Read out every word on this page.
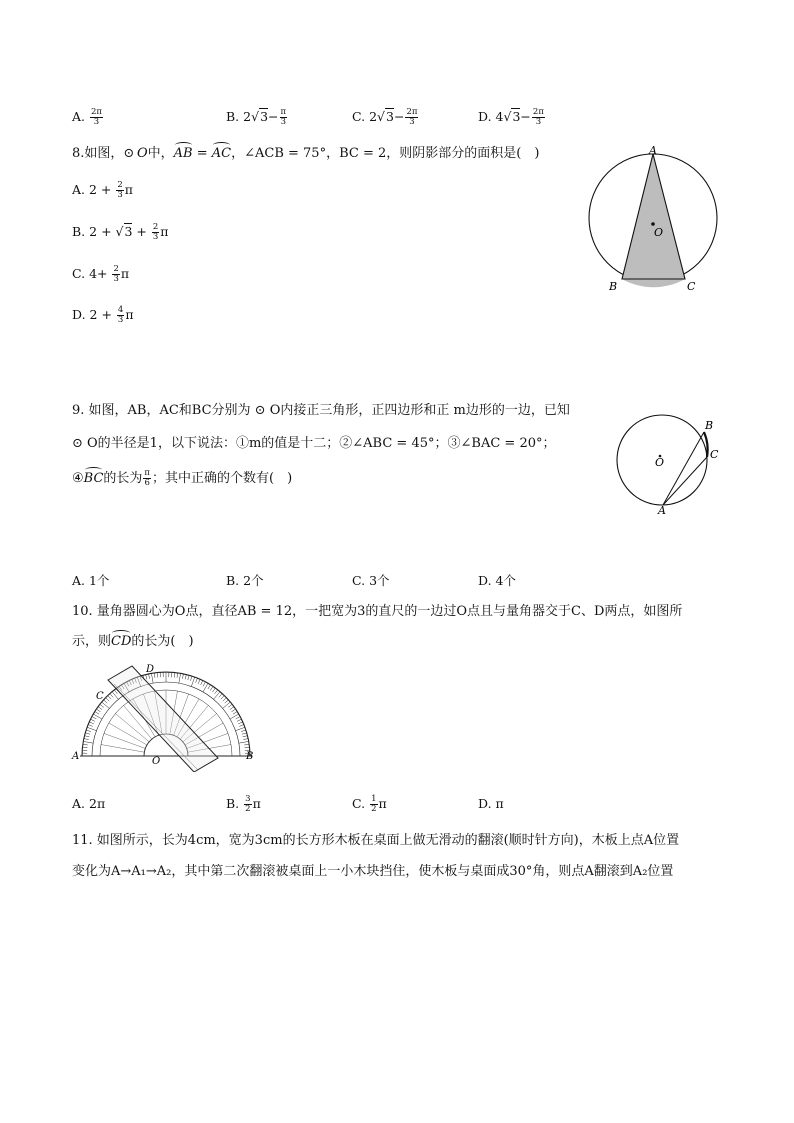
A. $\frac{2\pi}{3}$	B. $2√3- \frac{\pi}{3}$	C. $2√3- \frac{2\pi}{3}$	D. $4√3- \frac{2\pi}{3}$
8.如图，⊙  O中，AB = AC，∠ACB = 75°，BC = 2，则阴影部分的面积是(　)
A. $2 + \frac{2}{3}$ π
B. $2 + √3 + \frac{2}{3}$ π
C. $4+ \frac{2}{3}$ π
D. $2 + \frac{4}{3}$ π
A
O
B	C
9. 如图，AB，AC和BC分别为 ⊙ O内接正三角形，正四边形和正 m边形的一边，已知
⊙ O的半径是1，以下说法：①m的值是十二；②∠ABC = 45°；③∠BAC = 20°；
④BC的长为 $\frac{\pi}{6}$ ；其中正确的个数有(　)
B
C
O
A
A. 1个	B. 2个	C. 3个	D. 4个
10. 量角器圆心为O点，直径AB = 12，一把宽为3的直尺的一边过O点且与量角器交于C、D两点，如图所
示，则CD的长为(　)
D
C
A	O	B
A. 2π	B. $\frac{3}{2}$ π	C. $\frac{1}{2}$ π	D. π
11. 如图所示，长为4cm，宽为3cm的长方形木板在桌面上做无滑动的翻滚(顺时针方向)，木板上点A位置
变化为A→A₁→A₂，其中第二次翻滚被桌面上一小木块挡住，使木板与桌面成30°角，则点A翻滚到A₂位置
